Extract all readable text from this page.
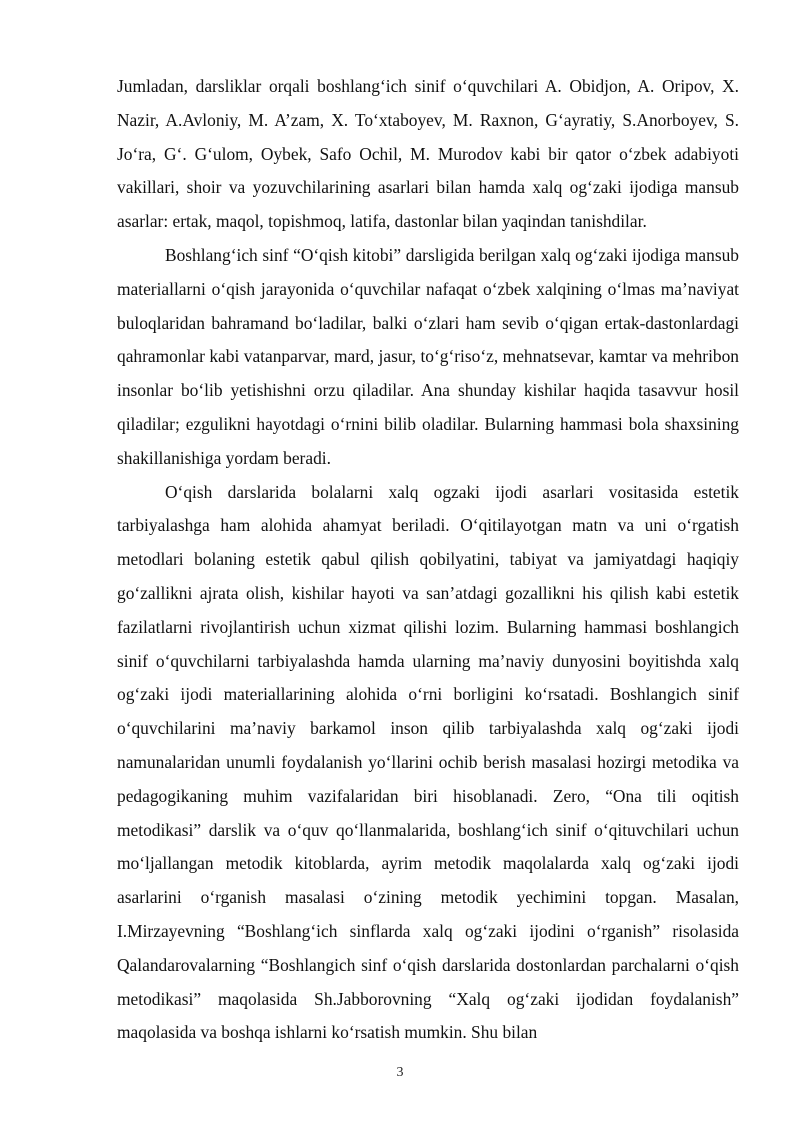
Jumladan, darsliklar orqali boshlang‘ich sinif o‘quvchilari A. Obidjon, A. Oripov, X. Nazir, A.Avloniy, M. A’zam, X. To‘xtaboyev, M. Raxnon, G‘ayratiy, S.Anorboyev, S. Jo‘ra, G‘. G‘ulom, Oybek, Safo Ochil, M. Murodov kabi bir qator o‘zbek adabiyoti vakillari, shoir va yozuvchilarining asarlari bilan hamda xalq og‘zaki ijodiga mansub asarlar: ertak, maqol, topishmoq, latifa, dastonlar bilan yaqindan tanishdilar.

Boshlang‘ich sinf “O‘qish kitobi” darsligida berilgan xalq og‘zaki ijodiga mansub materiallarni o‘qish jarayonida o‘quvchilar nafaqat o‘zbek xalqining o‘lmas ma’naviyat buloqlaridan bahramand bo‘ladilar, balki o‘zlari ham sevib o‘qigan ertak-dastonlardagi qahramonlar kabi vatanparvar, mard, jasur, to‘g‘riso‘z, mehnatsevar, kamtar va mehribon insonlar bo‘lib yetishishni orzu qiladilar. Ana shunday kishilar haqida tasavvur hosil qiladilar; ezgulikni hayotdagi o‘rnini bilib oladilar. Bularning hammasi bola shaxsining shakillanishiga yordam beradi.

O‘qish darslarida bolalarni xalq ogzaki ijodi asarlari vositasida estetik tarbiyalashga ham alohida ahamyat beriladi. O‘qitilayotgan matn va uni o‘rgatish metodlari bolaning estetik qabul qilish qobilyatini, tabiyat va jamiyatdagi haqiqiy go‘zallikni ajrata olish, kishilar hayoti va san’atdagi gozallikni his qilish kabi estetik fazilatlarni rivojlantirish uchun xizmat qilishi lozim. Bularning hammasi boshlangich sinif o‘quvchilarni tarbiyalashda hamda ularning ma’naviy dunyosini boyitishda xalq og‘zaki ijodi materiallarining alohida o‘rni borligini ko‘rsatadi. Boshlangich sinif o‘quvchilarini ma’naviy barkamol inson qilib tarbiyalashda xalq og‘zaki ijodi namunalaridan unumli foydalanish yo‘llarini ochib berish masalasi hozirgi metodika va pedagogikaning muhim vazifalaridan biri hisoblanadi. Zero, “Ona tili oqitish metodikasi” darslik va o‘quv qo‘llanmalarida, boshlang‘ich sinif o‘qituvchilari uchun mo‘ljallangan metodik kitoblarda, ayrim metodik maqolalarda xalq og‘zaki ijodi asarlarini o‘rganish masalasi o‘zining metodik yechimini topgan. Masalan, I.Mirzayevning “Boshlang‘ich sinflarda xalq og‘zaki ijodini o‘rganish” risolasida Qalandarovalarning “Boshlangich sinf o‘qish darslarida dostonlardan parchalarni o‘qish metodikasi” maqolasida Sh.Jabborovning “Xalq og‘zaki ijodidan foydalanish” maqolasida va boshqa ishlarni ko‘rsatish mumkin. Shu bilan

3
